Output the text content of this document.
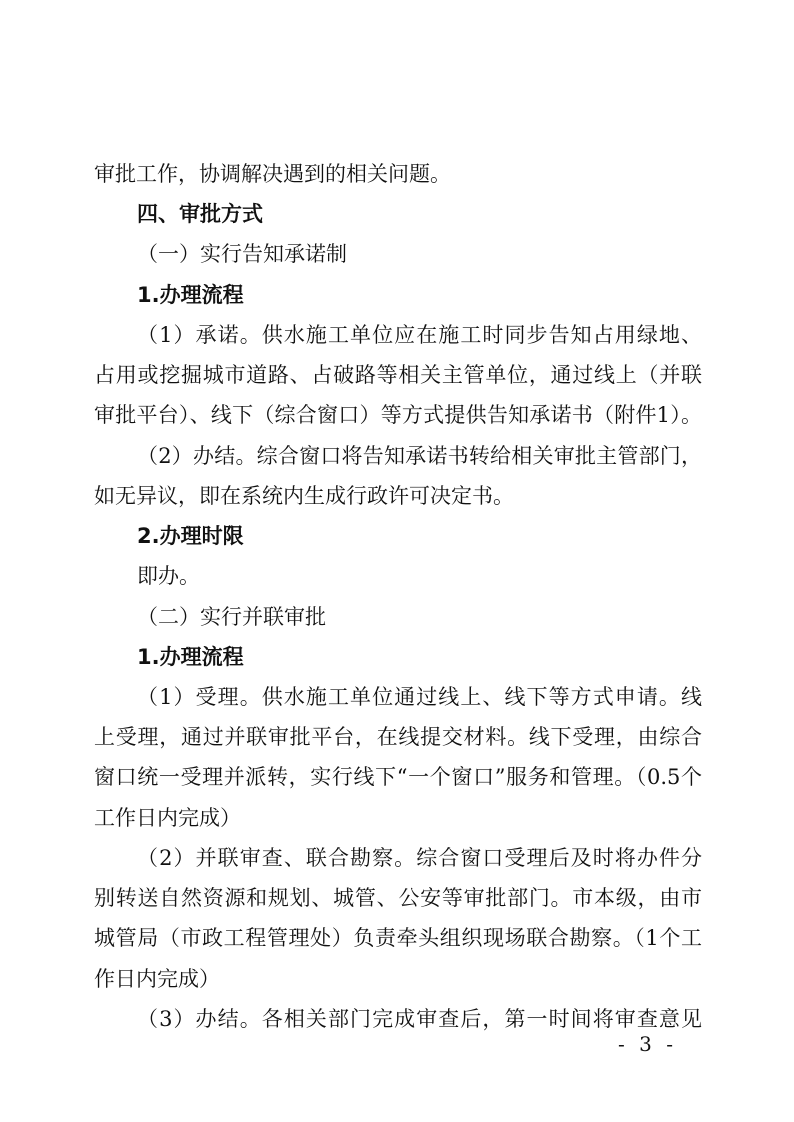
审批工作，协调解决遇到的相关问题。
四、审批方式
（一）实行告知承诺制
1.办理流程
（1）承诺。供水施工单位应在施工时同步告知占用绿地、
占用或挖掘城市道路、占破路等相关主管单位，通过线上（并联
审批平台）、线下（综合窗口）等方式提供告知承诺书（附件1）。
（2）办结。综合窗口将告知承诺书转给相关审批主管部门，
如无异议，即在系统内生成行政许可决定书。
2.办理时限
即办。
（二）实行并联审批
1.办理流程
（1）受理。供水施工单位通过线上、线下等方式申请。线
上受理，通过并联审批平台，在线提交材料。线下受理，由综合
窗口统一受理并派转，实行线下“一个窗口”服务和管理。（0.5个
工作日内完成）
（2）并联审查、联合勘察。综合窗口受理后及时将办件分
别转送自然资源和规划、城管、公安等审批部门。市本级，由市
城管局（市政工程管理处）负责牵头组织现场联合勘察。（1个工
作日内完成）
（3）办结。各相关部门完成审查后，第一时间将审查意见
- 3 -
